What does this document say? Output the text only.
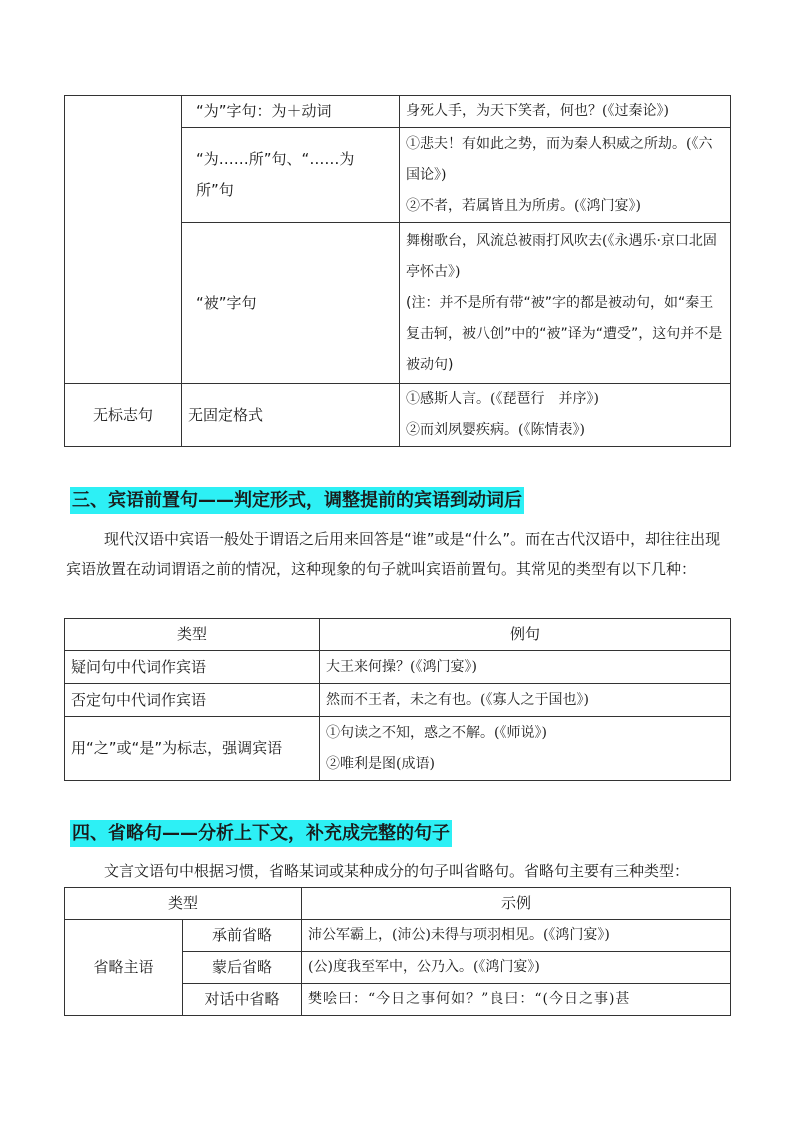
	“为”字句：为＋动词	身死人手，为天下笑者，何也？(《过秦论》)

	“为……所”句、“……为所”句	①悲夫！有如此之势，而为秦人积威之所劫。(《六国论》)
②不者，若属皆且为所虏。(《鸿门宴》)

	“被”字句	舞榭歌台，风流总被雨打风吹去(《永遇乐·京口北固亭怀古》)
(注：并不是所有带“被”字的都是被动句，如“秦王复击轲，被八创”中的“被”译为“遭受”，这句并不是被动句)

无标志句	无固定格式	①感斯人言。(《琵琶行　并序》)
②而刘夙婴疾病。(《陈情表》)
三、宾语前置句——判定形式，调整提前的宾语到动词后
现代汉语中宾语一般处于谓语之后用来回答是“谁”或是“什么”。而在古代汉语中，却往往出现宾语放置在动词谓语之前的情况，这种现象的句子就叫宾语前置句。其常见的类型有以下几种：
类型	例句
疑问句中代词作宾语	大王来何操？(《鸿门宴》)
否定句中代词作宾语	然而不王者，未之有也。(《寡人之于国也》)
用“之”或“是”为标志，强调宾语	①句读之不知，惑之不解。(《师说》)
②唯利是图(成语)
四、省略句——分析上下文，补充成完整的句子
文言文语句中根据习惯，省略某词或某种成分的句子叫省略句。省略句主要有三种类型：
类型		示例
省略主语	承前省略	沛公军霸上，(沛公)未得与项羽相见。(《鸿门宴》)
	蒙后省略	(公)度我至军中，公乃入。(《鸿门宴》)
	对话中省略	樊哙曰：“今日之事何如？”良曰：“(今日之事)甚
